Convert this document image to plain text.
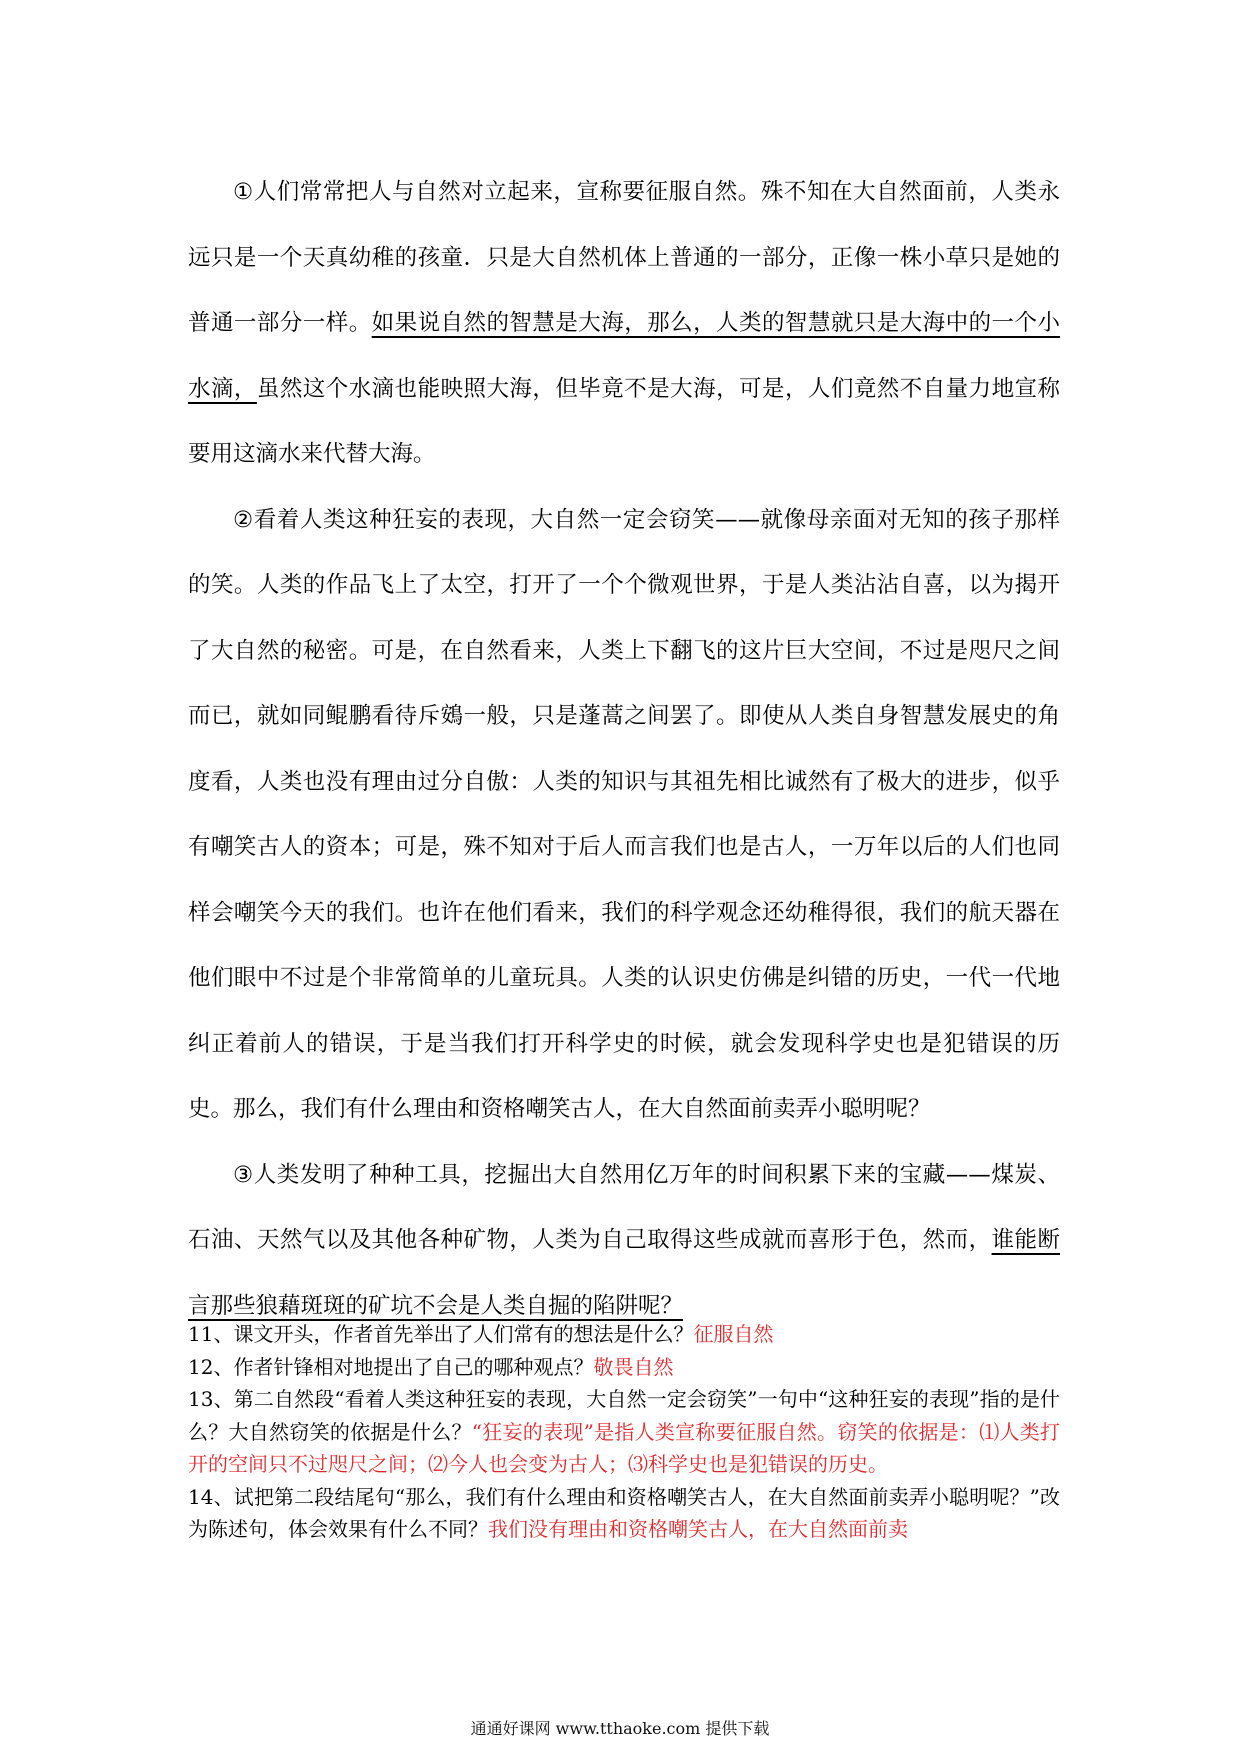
①人们常常把人与自然对立起来，宣称要征服自然。殊不知在大自然面前，人类永远只是一个天真幼稚的孩童．只是大自然机体上普通的一部分，正像一株小草只是她的普通一部分一样。如果说自然的智慧是大海，那么，人类的智慧就只是大海中的一个小水滴，虽然这个水滴也能映照大海，但毕竟不是大海，可是，人们竟然不自量力地宣称要用这滴水来代替大海。

②看着人类这种狂妄的表现，大自然一定会窃笑——就像母亲面对无知的孩子那样的笑。人类的作品飞上了太空，打开了一个个微观世界，于是人类沾沾自喜，以为揭开了大自然的秘密。可是，在自然看来，人类上下翻飞的这片巨大空间，不过是咫尺之间而已，就如同鲲鹏看待斥鴳一般，只是蓬蒿之间罢了。即使从人类自身智慧发展史的角度看，人类也没有理由过分自傲：人类的知识与其祖先相比诚然有了极大的进步，似乎有嘲笑古人的资本；可是，殊不知对于后人而言我们也是古人，一万年以后的人们也同样会嘲笑今天的我们。也许在他们看来，我们的科学观念还幼稚得很，我们的航天器在他们眼中不过是个非常简单的儿童玩具。人类的认识史仿佛是纠错的历史，一代一代地纠正着前人的错误，于是当我们打开科学史的时候，就会发现科学史也是犯错误的历史。那么，我们有什么理由和资格嘲笑古人，在大自然面前卖弄小聪明呢？

③人类发明了种种工具，挖掘出大自然用亿万年的时间积累下来的宝藏——煤炭、石油、天然气以及其他各种矿物，人类为自己取得这些成就而喜形于色，然而，谁能断言那些狼藉斑斑的矿坑不会是人类自掘的陷阱呢？

11、课文开头，作者首先举出了人们常有的想法是什么？征服自然

12、作者针锋相对地提出了自己的哪种观点？敬畏自然

13、第二自然段“看着人类这种狂妄的表现，大自然一定会窃笑”一句中“这种狂妄的表现”指的是什么？大自然窃笑的依据是什么？“狂妄的表现”是指人类宣称要征服自然。窃笑的依据是：⑴人类打开的空间只不过咫尺之间；⑵今人也会变为古人；⑶科学史也是犯错误的历史。

14、试把第二段结尾句“那么，我们有什么理由和资格嘲笑古人，在大自然面前卖弄小聪明呢？”改为陈述句，体会效果有什么不同？我们没有理由和资格嘲笑古人，在大自然面前卖

通通好课网 www.tthaoke.com 提供下载
